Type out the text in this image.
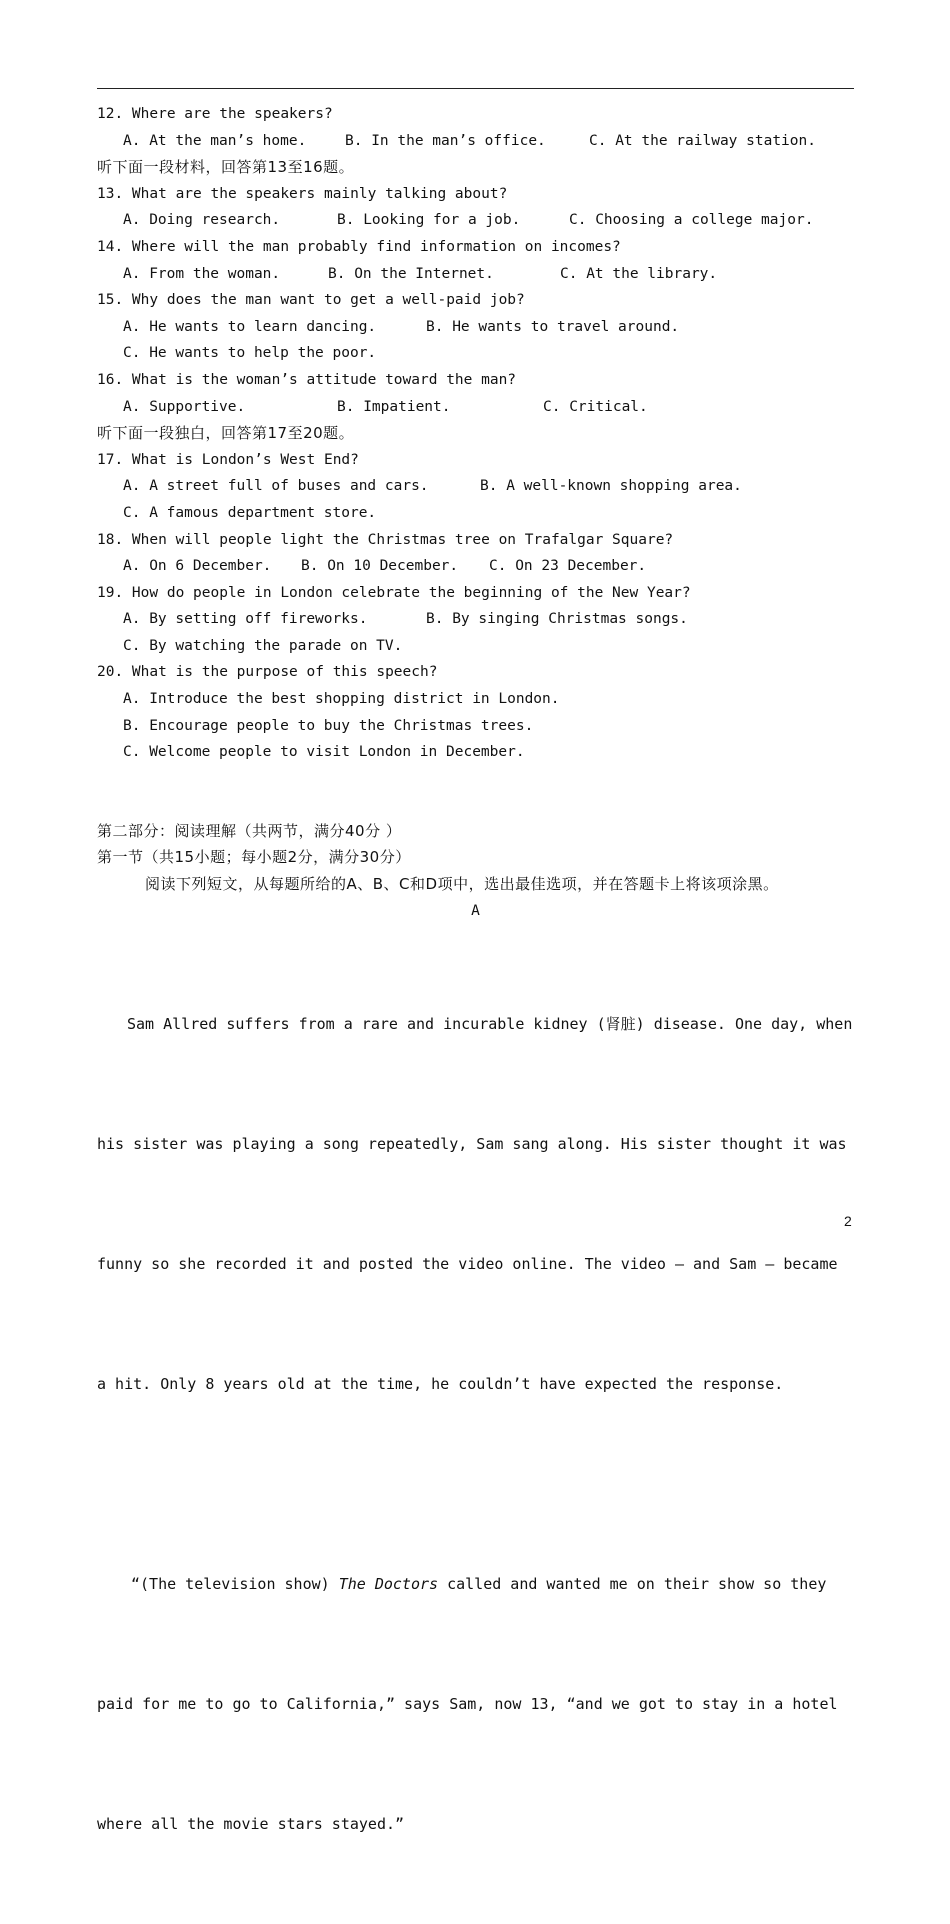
12. Where are the speakers?
A. At the man’s home.	B. In the man’s office.	C. At the railway station.
听下面一段材料，回答第13至16题。
13. What are the speakers mainly talking about?
A. Doing research.	B. Looking for a job.	C. Choosing a college major.
14. Where will the man probably find information on incomes?
A. From the woman.	B. On the Internet.	C. At the library.
15. Why does the man want to get a well-paid job?
A. He wants to learn dancing.	B. He wants to travel around.
C. He wants to help the poor.
16. What is the woman’s attitude toward the man?
A. Supportive.	B. Impatient.	C. Critical.
听下面一段独白，回答第17至20题。
17. What is London’s West End?
A. A street full of buses and cars.	B. A well-known shopping area.
C. A famous department store.
18. When will people light the Christmas tree on Trafalgar Square?
A. On 6 December. B. On 10 December. C. On 23 December.
19. How do people in London celebrate the beginning of the New Year?
A. By setting off fireworks.	B. By singing Christmas songs.
C. By watching the parade on TV.
20. What is the purpose of this speech?
A. Introduce the best shopping district in London.
B. Encourage people to buy the Christmas trees.
C. Welcome people to visit London in December.
第二部分：阅读理解（共两节，满分40分 ）
第一节（共15小题；每小题2分，满分30分）
阅读下列短文，从每题所给的A、B、C和D项中，选出最佳选项，并在答题卡上将该项涂黑。
A

Sam Allred suffers from a rare and incurable kidney (肾脏) disease. One day, when

his sister was playing a song repeatedly, Sam sang along. His sister thought it was

funny so she recorded it and posted the video online. The video — and Sam — became

a hit. Only 8 years old at the time, he couldn’t have expected the response.

“(The television show) The Doctors called and wanted me on their show so they

paid for me to go to California,” says Sam, now 13, “and we got to stay in a hotel

where all the movie stars stayed.”

2
